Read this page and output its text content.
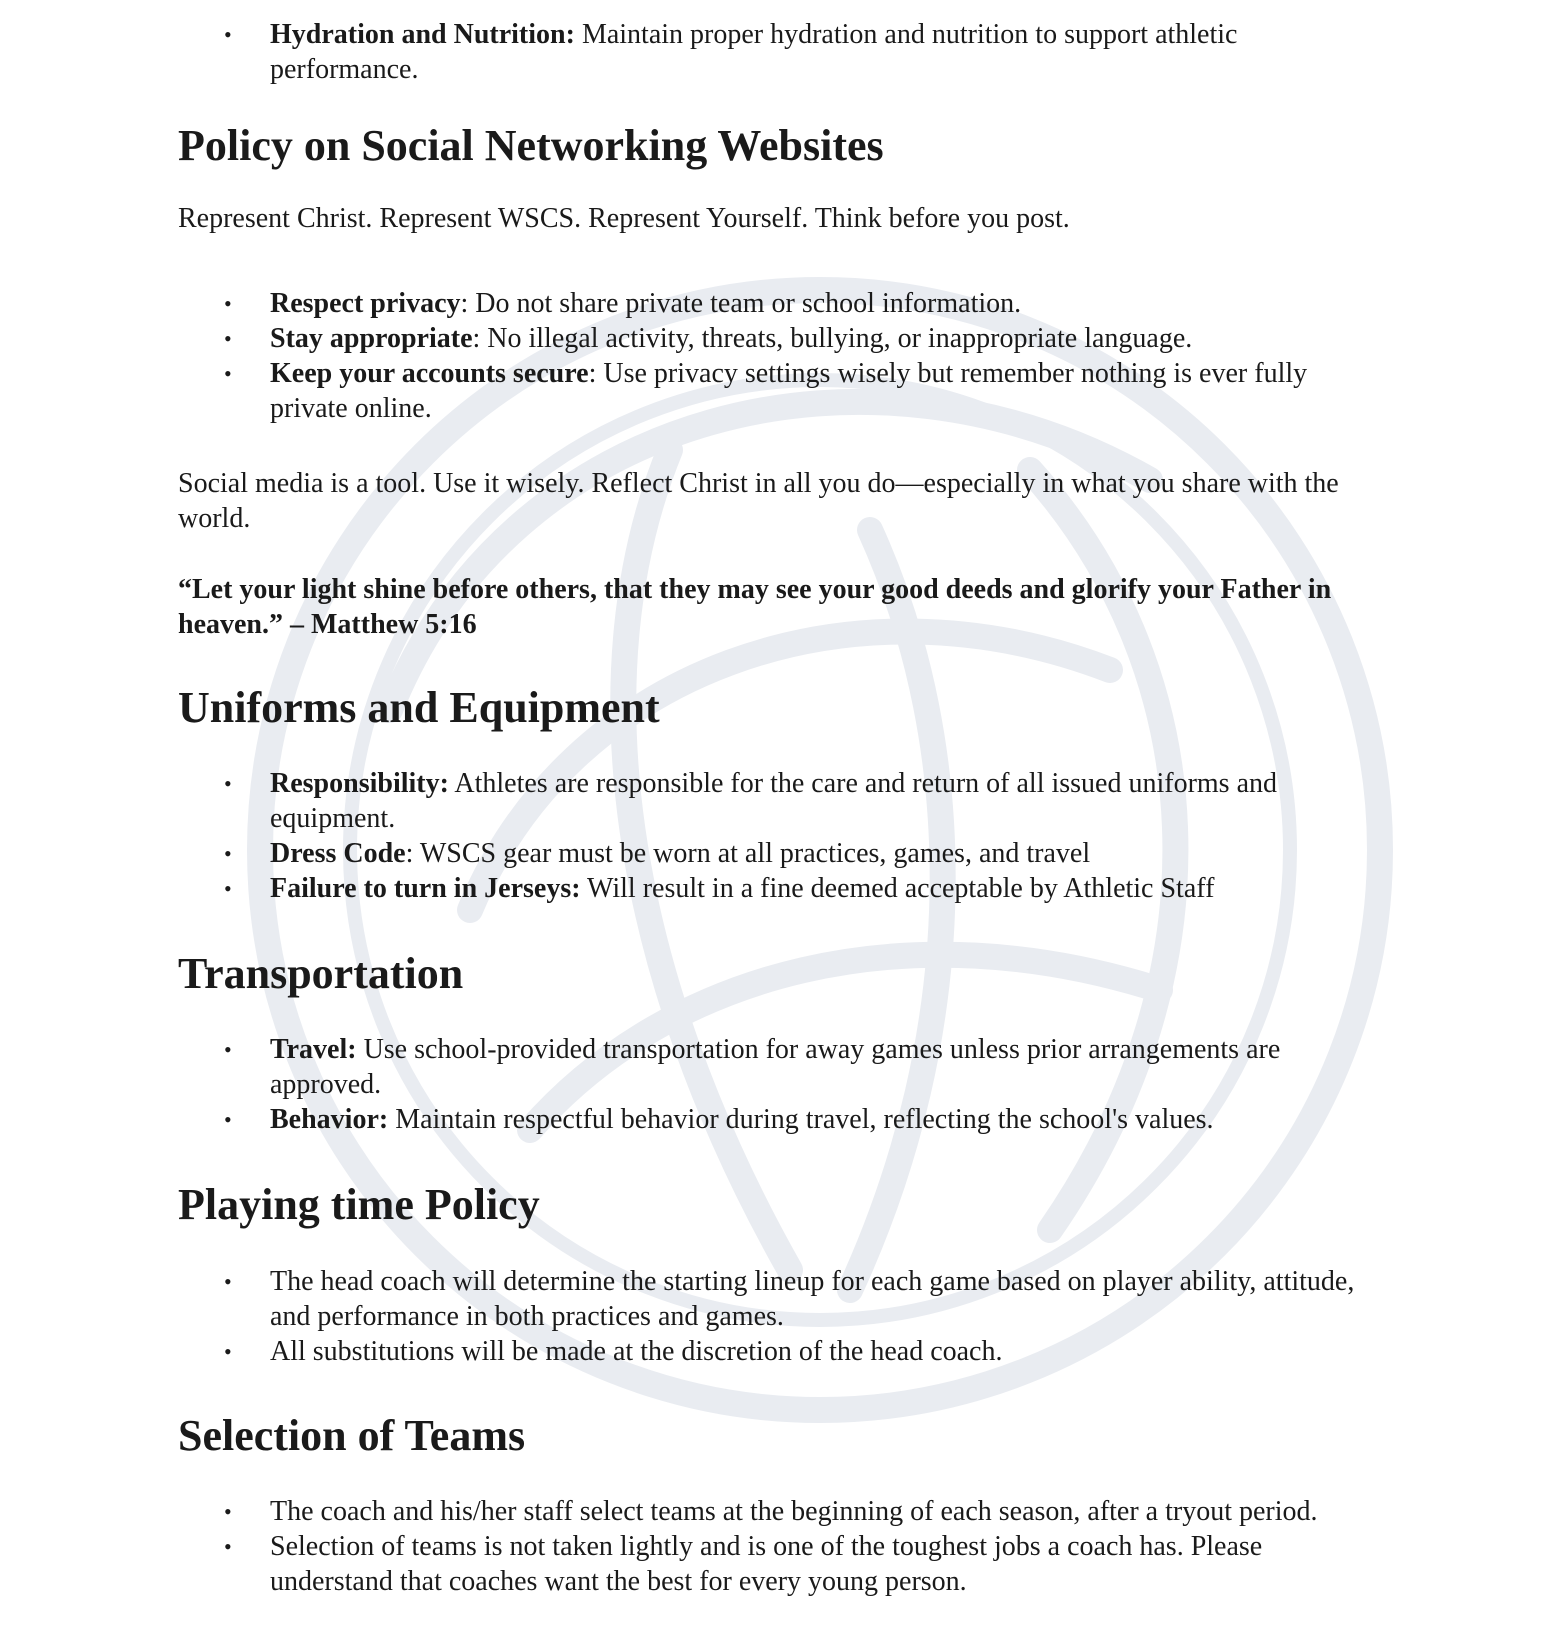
• Hydration and Nutrition: Maintain proper hydration and nutrition to support athletic performance.
Policy on Social Networking Websites

Represent Christ. Represent WSCS. Represent Yourself. Think before you post.

• Respect privacy: Do not share private team or school information.
• Stay appropriate: No illegal activity, threats, bullying, or inappropriate language.
• Keep your accounts secure: Use privacy settings wisely but remember nothing is ever fully private online.

Social media is a tool. Use it wisely. Reflect Christ in all you do—especially in what you share with the world.

“Let your light shine before others, that they may see your good deeds and glorify your Father in heaven.” – Matthew 5:16

Uniforms and Equipment
• Responsibility: Athletes are responsible for the care and return of all issued uniforms and equipment.
• Dress Code: WSCS gear must be worn at all practices, games, and travel
• Failure to turn in Jerseys: Will result in a fine deemed acceptable by Athletic Staff
Transportation
• Travel: Use school-provided transportation for away games unless prior arrangements are approved.
• Behavior: Maintain respectful behavior during travel, reflecting the school's values.
Playing time Policy
• The head coach will determine the starting lineup for each game based on player ability, attitude, and performance in both practices and games.
• All substitutions will be made at the discretion of the head coach.
Selection of Teams
• The coach and his/her staff select teams at the beginning of each season, after a tryout period.
• Selection of teams is not taken lightly and is one of the toughest jobs a coach has. Please understand that coaches want the best for every young person.
